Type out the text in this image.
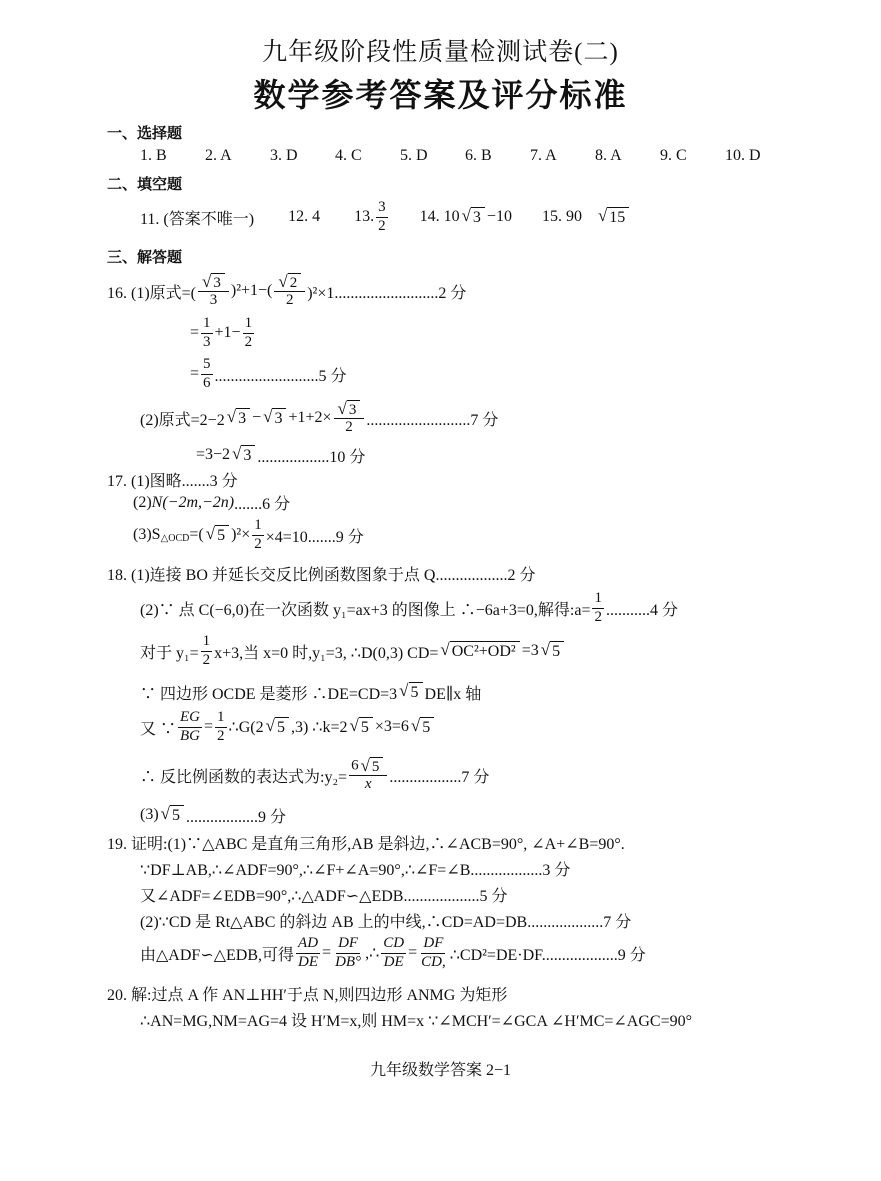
九年级阶段性质量检测试卷(二)
数学参考答案及评分标准
一、选择题
1. B	2. A	3. D	4. C	5. D	6. B	7. A	8. A	9. C	10. D
二、填空题
11. (答案不唯一) 12. 4 13. $\frac{3}{2} 14$. 10 √ 3 −10 15. 90 √ 15
三、解答题
16. (1)原式=( $\frac{√ 3}{3} )^2+1-( \frac{√ 2}{2} )^2\times 1..........................2$ 分
= $\frac{1}{3} +1- \frac{1}{2}$
= $\frac{5}{6} ..........................5$ 分
(2)原式=2−2 √ 3 − √ $3 +1+2\times \frac{√ 3}{2} ..........................7$ 分
=3−2 √ 3 ..................10 分
17. (1)图略.......3 分
(2) N(−2m,−2n) .......6 分
(3)S △OCD =( √ 5 )$^2\times \frac{1}{2} \times 4=10.......9$ 分
18. (1)连接 BO 并延长交反比例函数图象于点 Q..................2 分
(2)∵ 点 C(−6,0)在一次函数 y₁=ax+3 的图像上 ∴−6a+3=0,解得:a= $\frac{1}{2} ...........4$ 分
对于 $y_1= \frac{1}{2} x+3$,当 x=0 时,y₁=3, ∴D(0,3) CD= √ OC²+OD² =3 √ 5
∵ 四边形 OCDE 是菱形 ∴DE=CD=3 √ 5 DE∥x 轴
又 ∵ $\frac{EG}{BG} = \frac{1}{2}$ ∴G(2 √ 5 ,3) ∴k=2 √ 5 ×3=6 √ 5
∴ 反比例函数的表达式为:y₂= $\frac{6 √ 5}{x} ..................7$ 分
(3) √ 5 ..................9 分
19. 证明:(1)∵△ABC 是直角三角形,AB 是斜边,∴∠ACB=90°, ∠A+∠B=90°.
∵DF⊥AB,∴∠ADF=90°,∴∠F+∠A=90°,∴∠F=∠B..................3 分
又∠ADF=∠EDB=90°,∴△ADF∽△EDB...................5 分
(2)∵CD 是 Rt△ABC 的斜边 AB 上的中线,∴CD=AD=DB...................7 分
由△ADF∽△EDB,可得 $\frac{AD}{DE} = \frac{DF}{DB^\circ}$ ,∴ $\frac{CD}{DE} = \frac{DF}{CD,}$ ∴CD²=DE·DF...................9 分
20. 解:过点 A 作 AN⊥HH′于点 N,则四边形 ANMG 为矩形
∴AN=MG,NM=AG=4 设 H′M=x,则 HM=x ∵∠MCH′=∠GCA ∠H′MC=∠AGC=90°
九年级数学答案 2−1
